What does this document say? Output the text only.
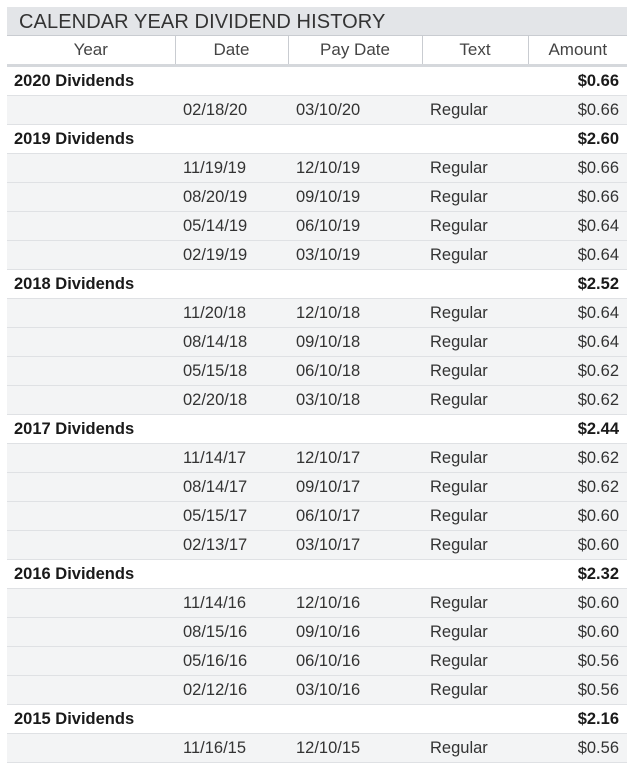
CALENDAR YEAR DIVIDEND HISTORY
Year	Date	Pay Date	Text	Amount
2020 Dividends				$0.66
	02/18/20	03/10/20	Regular	$0.66
2019 Dividends				$2.60
	11/19/19	12/10/19	Regular	$0.66
	08/20/19	09/10/19	Regular	$0.66
	05/14/19	06/10/19	Regular	$0.64
	02/19/19	03/10/19	Regular	$0.64
2018 Dividends				$2.52
	11/20/18	12/10/18	Regular	$0.64
	08/14/18	09/10/18	Regular	$0.64
	05/15/18	06/10/18	Regular	$0.62
	02/20/18	03/10/18	Regular	$0.62
2017 Dividends				$2.44
	11/14/17	12/10/17	Regular	$0.62
	08/14/17	09/10/17	Regular	$0.62
	05/15/17	06/10/17	Regular	$0.60
	02/13/17	03/10/17	Regular	$0.60
2016 Dividends				$2.32
	11/14/16	12/10/16	Regular	$0.60
	08/15/16	09/10/16	Regular	$0.60
	05/16/16	06/10/16	Regular	$0.56
	02/12/16	03/10/16	Regular	$0.56
2015 Dividends				$2.16
	11/16/15	12/10/15	Regular	$0.56
